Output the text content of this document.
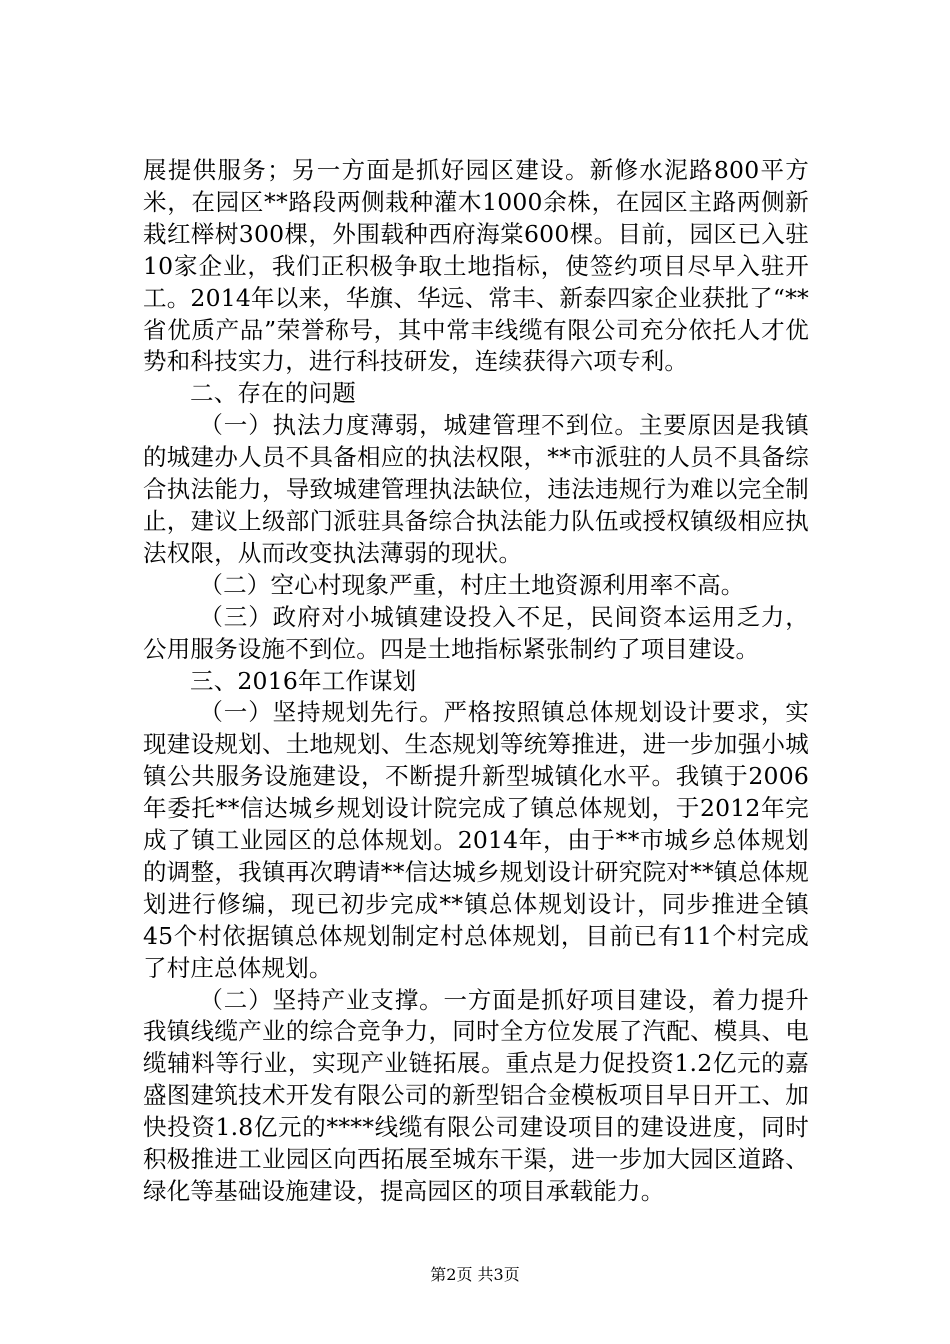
展提供服务；另一方面是抓好园区建设。新修水泥路800平方米，在园区**路段两侧栽种灌木1000余株，在园区主路两侧新栽红榉树300棵，外围载种西府海棠600棵。目前，园区已入驻10家企业，我们正积极争取土地指标，使签约项目尽早入驻开工。2014年以来，华旗、华远、常丰、新泰四家企业获批了“**省优质产品”荣誉称号，其中常丰线缆有限公司充分依托人才优势和科技实力，进行科技研发，连续获得六项专利。

二、存在的问题

（一）执法力度薄弱，城建管理不到位。主要原因是我镇的城建办人员不具备相应的执法权限，**市派驻的人员不具备综合执法能力，导致城建管理执法缺位，违法违规行为难以完全制止，建议上级部门派驻具备综合执法能力队伍或授权镇级相应执法权限，从而改变执法薄弱的现状。

（二）空心村现象严重，村庄土地资源利用率不高。

（三）政府对小城镇建设投入不足，民间资本运用乏力，公用服务设施不到位。四是土地指标紧张制约了项目建设。

三、2016年工作谋划

（一）坚持规划先行。严格按照镇总体规划设计要求，实现建设规划、土地规划、生态规划等统筹推进，进一步加强小城镇公共服务设施建设，不断提升新型城镇化水平。我镇于2006年委托**信达城乡规划设计院完成了镇总体规划，于2012年完成了镇工业园区的总体规划。2014年，由于**市城乡总体规划的调整，我镇再次聘请**信达城乡规划设计研究院对**镇总体规划进行修编，现已初步完成**镇总体规划设计，同步推进全镇45个村依据镇总体规划制定村总体规划，目前已有11个村完成了村庄总体规划。

（二）坚持产业支撑。一方面是抓好项目建设，着力提升我镇线缆产业的综合竞争力，同时全方位发展了汽配、模具、电缆辅料等行业，实现产业链拓展。重点是力促投资1.2亿元的嘉盛图建筑技术开发有限公司的新型铝合金模板项目早日开工、加快投资1.8亿元的****线缆有限公司建设项目的建设进度，同时积极推进工业园区向西拓展至城东干渠，进一步加大园区道路、绿化等基础设施建设，提高园区的项目承载能力。

第2页 共3页
